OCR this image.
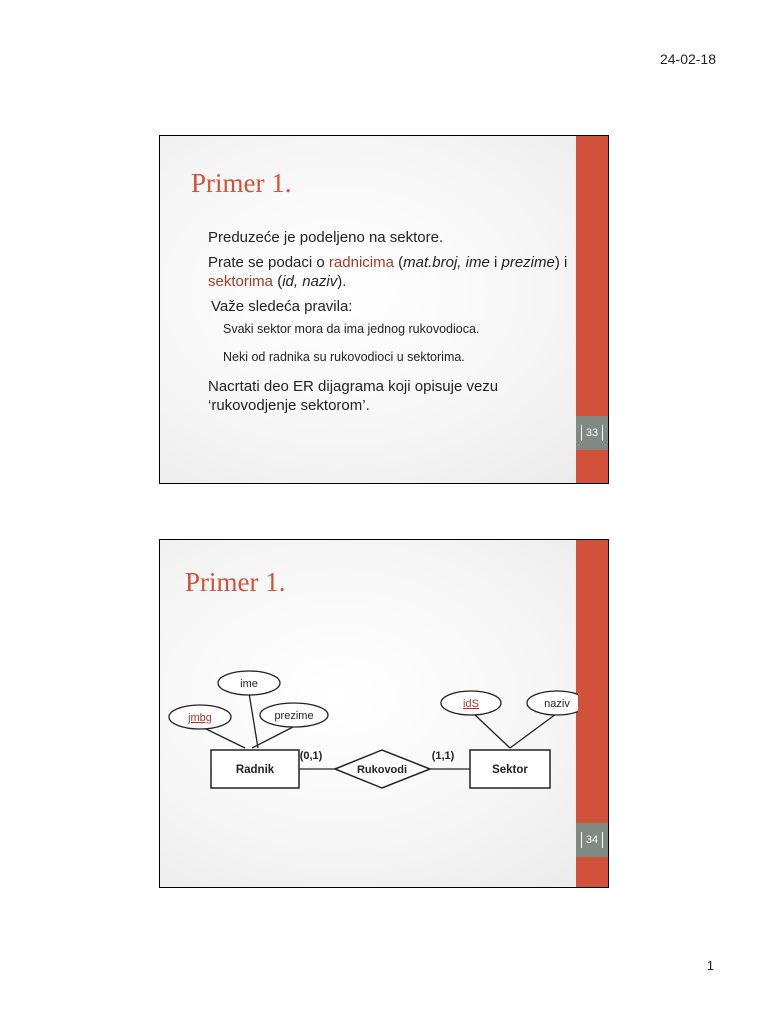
24-02-18
33
Primer 1.

Preduzeće je podeljeno na sektore.

Prate se podaci o radnicima (mat.broj, ime i prezime) i sektorima (id, naziv).

Važe sledeća pravila:

Svaki sektor mora da ima jednog rukovodioca.

Neki od radnika su rukovodioci u sektorima.

Nacrtati deo ER dijagrama koji opisuje vezu ‘rukovodjenje sektorom’.

34
Primer 1.
ime
jmbg	prezime
idS	naziv
Radnik	Sektor
Rukovodi
(0,1)	(1,1)
1
